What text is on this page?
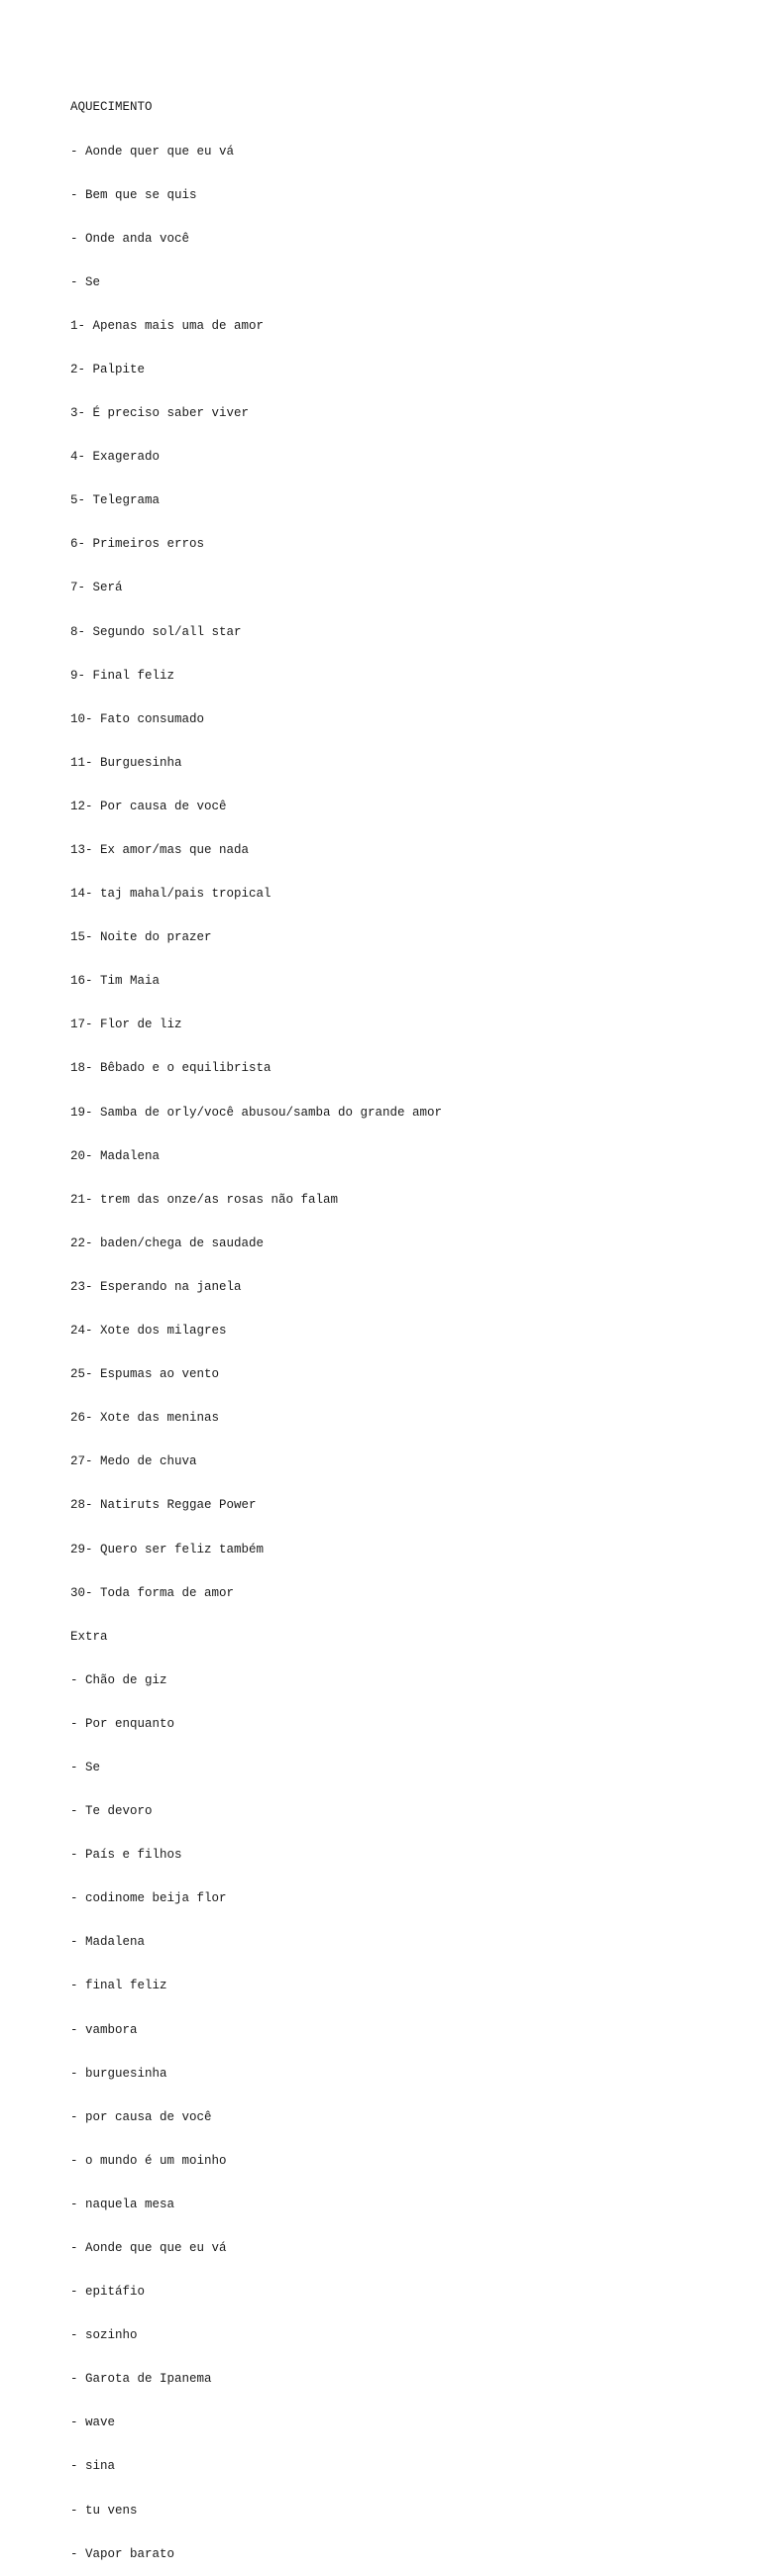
AQUECIMENTO

- Aonde quer que eu vá

- Bem que se quis

- Onde anda você

- Se

1- Apenas mais uma de amor

2- Palpite

3- É preciso saber viver

4- Exagerado

5- Telegrama

6- Primeiros erros

7- Será

8- Segundo sol/all star

9- Final feliz

10- Fato consumado

11- Burguesinha

12- Por causa de você

13- Ex amor/mas que nada

14- taj mahal/pais tropical

15- Noite do prazer

16- Tim Maia

17- Flor de liz

18- Bêbado e o equilibrista

19- Samba de orly/você abusou/samba do grande amor

20- Madalena

21- trem das onze/as rosas não falam

22- baden/chega de saudade

23- Esperando na janela

24- Xote dos milagres

25- Espumas ao vento

26- Xote das meninas

27- Medo de chuva

28- Natiruts Reggae Power

29- Quero ser feliz também

30- Toda forma de amor

Extra

- Chão de giz

- Por enquanto

- Se

- Te devoro

- País e filhos

- codinome beija flor

- Madalena

- final feliz

- vambora

- burguesinha

- por causa de você

- o mundo é um moinho

- naquela mesa

- Aonde que que eu vá

- epitáfio

- sozinho

- Garota de Ipanema

- wave

- sina

- tu vens

- Vapor barato
